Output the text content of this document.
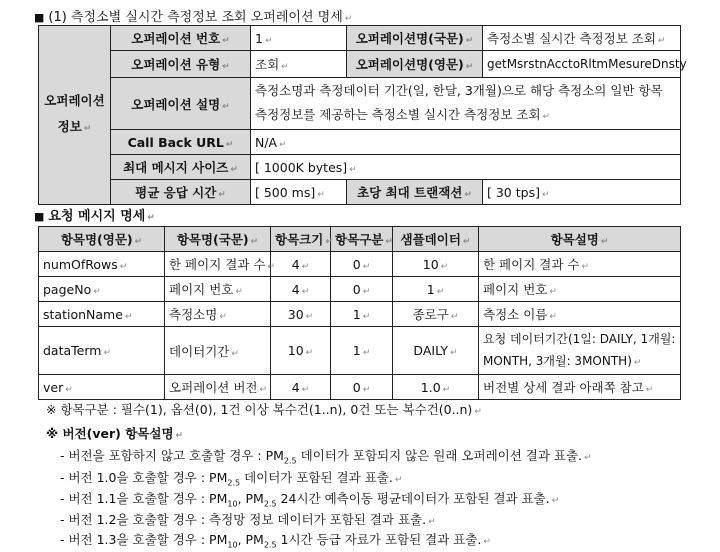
■ (1) 측정소별 실시간 측정정보 조회 오퍼레이션 명세 ↵
오퍼레이션 정보 ↵	오퍼레이션 번호 ↵	1 ↵	오퍼레이션명(국문) ↵	측정소별 실시간 측정정보 조회 ↵
	오퍼레이션 유형 ↵	조회 ↵	오퍼레이션명(영문) ↵	getMsrstnAcctoRltmMesureDnsty
	오퍼레이션 설명 ↵	측정소명과 측정데이터 기간(일, 한달, 3개월)으로 해당 측정소의 일반 항목 측정정보를 제공하는 측정소별 실시간 측정정보 조회 ↵		
	Call Back URL ↵	N/A ↵		
	최대 메시지 사이즈 ↵	[ 1000K bytes] ↵		
	평균 응답 시간 ↵	[ 500 ms] ↵	초당 최대 트랜잭션 ↵	[ 30 tps] ↵
■ 요청 메시지 명세 ↵
항목명(영문) ↵	항목명(국문) ↵	항목크기 ↵	항목구분 ↵	샘플데이터 ↵	항목설명 ↵
numOfRows ↵	한 페이지 결과 수 ↵	4 ↵	0 ↵	10 ↵	한 페이지 결과 수 ↵
pageNo ↵	페이지 번호 ↵	4 ↵	0 ↵	1 ↵	페이지 번호 ↵
stationName ↵	측정소명 ↵	30 ↵	1 ↵	종로구 ↵	측정소 이름 ↵
dataTerm ↵	데이터기간 ↵	10 ↵	1 ↵	DAILY ↵	요청 데이터기간(1일: DAILY, 1개월: MONTH, 3개월: 3MONTH) ↵
ver ↵	오퍼레이션 버전 ↵	4 ↵	0 ↵	1.0 ↵	버전별 상세 결과 아래쪽 참고 ↵
※ 항목구분 : 필수(1), 옵션(0), 1건 이상 복수건(1..n), 0건 또는 복수건(0..n) ↵
※ 버전(ver) 항목설명 ↵
- 버전을 포함하지 않고 호출할 경우 : $PM_{2.5}$ 데이터가 포함되지 않은 원래 오퍼레이션 결과 표출. ↵
- 버전 1.0을 호출할 경우 : $PM_{2.5}$ 데이터가 포함된 결과 표출. ↵
- 버전 1.1을 호출할 경우 : $PM_{10}$, $PM_{2.5}$ 24시간 예측이동 평균데이터가 포함된 결과 표출. ↵
- 버전 1.2을 호출할 경우 : 측정망 정보 데이터가 포함된 결과 표출. ↵
- 버전 1.3을 호출할 경우 : $PM_{10}$, $PM_{2.5}$ 1시간 등급 자료가 포함된 결과 표출. ↵
